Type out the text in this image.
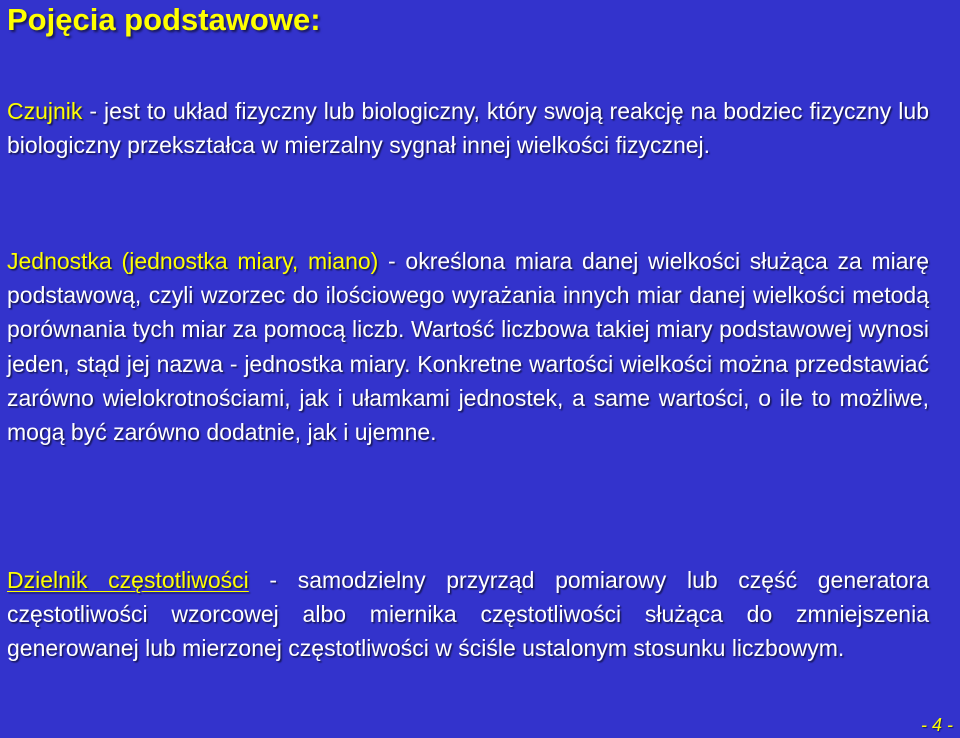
Pojęcia podstawowe:

Czujnik - jest to układ fizyczny lub biologiczny, który swoją reakcję na bodziec fizyczny lub biologiczny przekształca w mierzalny sygnał innej wielkości fizycznej.

Jednostka (jednostka miary, miano) - określona miara danej wielkości służąca za miarę podstawową, czyli wzorzec do ilościowego wyrażania innych miar danej wielkości metodą porównania tych miar za pomocą liczb. Wartość liczbowa takiej miary podstawowej wynosi jeden, stąd jej nazwa - jednostka miary. Konkretne wartości wielkości można przedstawiać zarówno wielokrotnościami, jak i ułamkami jednostek, a same wartości, o ile to możliwe, mogą być zarówno dodatnie, jak i ujemne.

Dzielnik częstotliwości - samodzielny przyrząd pomiarowy lub część generatora częstotliwości wzorcowej albo miernika częstotliwości służąca do zmniejszenia generowanej lub mierzonej częstotliwości w ściśle ustalonym stosunku liczbowym.

- 4 -
